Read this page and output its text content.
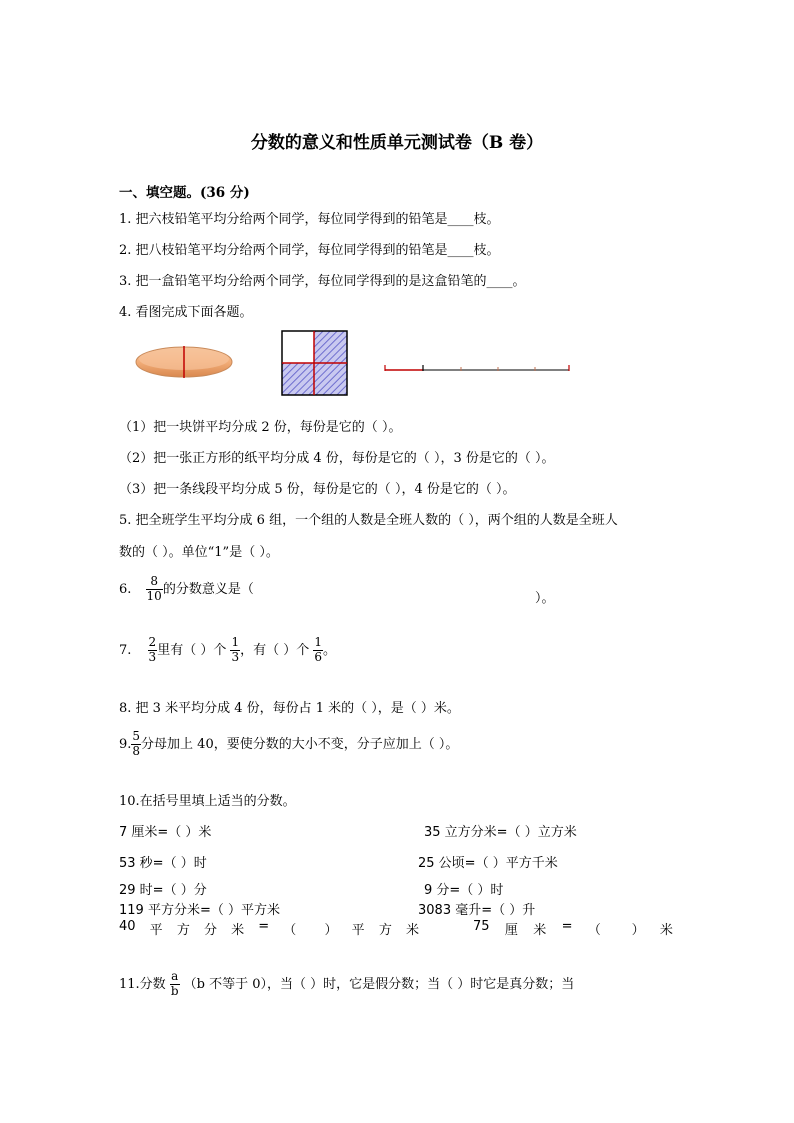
分数的意义和性质单元测试卷（B 卷）
一、填空题。(36 分)
1. 把六枝铅笔平均分给两个同学，每位同学得到的铅笔是____枝。
2. 把八枝铅笔平均分给两个同学，每位同学得到的铅笔是____枝。
3. 把一盒铅笔平均分给两个同学，每位同学得到的是这盒铅笔的____。
4. 看图完成下面各题。
（1）把一块饼平均分成 2 份，每份是它的（ ）。
（2）把一张正方形的纸平均分成 4 份，每份是它的（ ），3 份是它的（ ）。
（3）把一条线段平均分成 5 份，每份是它的（ ），4 份是它的（ ）。
5. 把全班学生平均分成 6 组，一个组的人数是全班人数的（ ），两个组的人数是全班人
数的（ ）。单位“1”是（ ）。
6. $\frac{8}{10}$ 的分数意义是（
）。
7. $\frac{2}{3}$ 里有（ ）个 $\frac{1}{3}$ ，有（ ）个 $\frac{1}{6}$ 。
8. 把 3 米平均分成 4 份，每份占 1 米的（ ），是（ ）米。
9. $\frac{5}{8}$ 分母加上 40，要使分数的大小不变，分子应加上（ ）。
10.在括号里填上适当的分数。
7 厘米=（ ）米	35 立方分米=（ ）立方米
53 秒=（ ）时	25 公顷=（ ）平方千米
29 时=（ ）分	9 分=（ ）时
119 平方分米=（ ）平方米	3083 毫升=（ ）升
40 平 方 分 米 = （ ） 平 方 米	75 厘 米 = （ ） 米
11.分数 $\frac{a}{b} (b$ 不等于 0），当（ ）时，它是假分数；当（ ）时它是真分数；当
